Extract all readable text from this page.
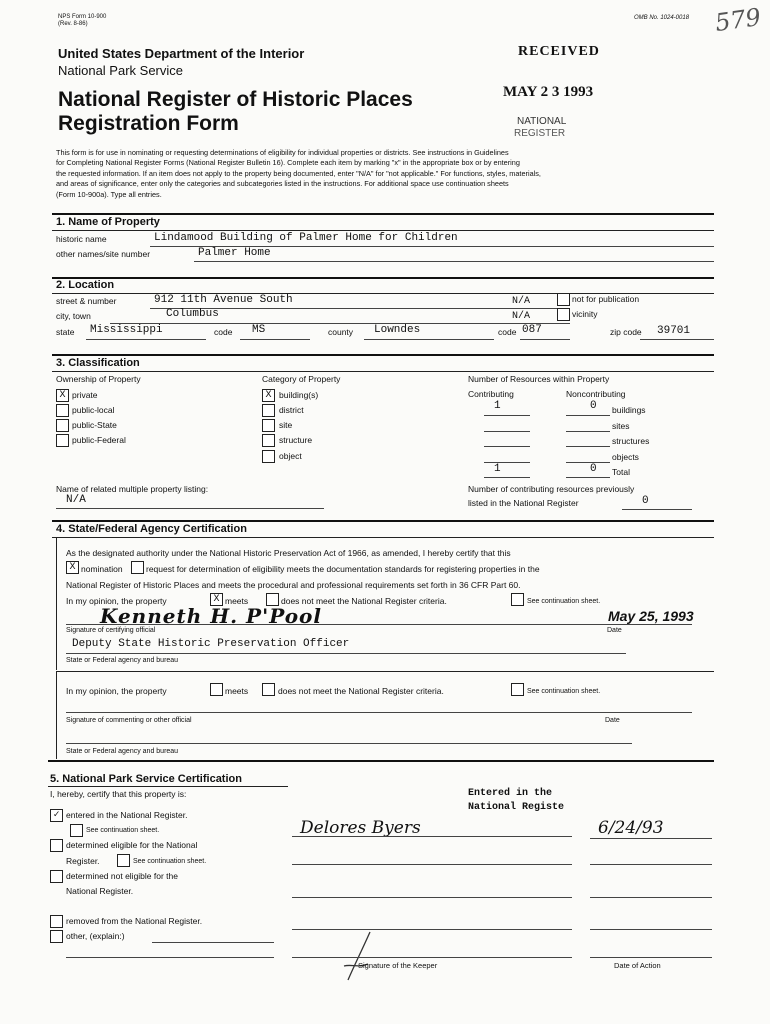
NPS Form 10-900
(Rev. 8-86)
OMB No. 1024-0018 579
United States Department of the Interior
National Park Service
National Register of Historic Places
Registration Form
RECEIVED
MAY 2 3 1993
NATIONAL
REGISTER
This form is for use in nominating or requesting determinations of eligibility for individual properties or districts. See instructions in Guidelines
for Completing National Register Forms (National Register Bulletin 16). Complete each item by marking "x" in the appropriate box or by entering
the requested information. If an item does not apply to the property being documented, enter "N/A" for "not applicable." For functions, styles, materials,
and areas of significance, enter only the categories and subcategories listed in the instructions. For additional space use continuation sheets
(Form 10-900a). Type all entries.
1. Name of Property
historic name	Lindamood Building of Palmer Home for Children
other names/site number	Palmer Home
2. Location
street & number	912 11th Avenue South	N/A	not for publication
city, town	Columbus	N/A	vicinity
state Mississippi	code MS	county Lowndes	code 087	zip code 39701
3. Classification
Ownership of Property
X private
public-local
public-State
public-Federal
Category of Property
X building(s)
district
site
structure
object
Number of Resources within Property
Contributing	Noncontributing
1	0 buildings
sites
structures
objects
1	0 Total
Name of related multiple property listing:
N/A
Number of contributing resources previously
listed in the National Register	0
4. State/Federal Agency Certification
As the designated authority under the National Historic Preservation Act of 1966, as amended, I hereby certify that this
X nomination	request for determination of eligibility meets the documentation standards for registering properties in the
National Register of Historic Places and meets the procedural and professional requirements set forth in 36 CFR Part 60.
In my opinion, the property	X meets	does not meet the National Register criteria.	See continuation sheet.
Kenneth H. P'Pool	May 25, 1993
Signature of certifying official	Date
Deputy State Historic Preservation Officer
State or Federal agency and bureau
In my opinion, the property	meets	does not meet the National Register criteria.	See continuation sheet.
Signature of commenting or other official	Date
State or Federal agency and bureau
5. National Park Service Certification
I, hereby, certify that this property is:
✓ entered in the National Register.
See continuation sheet.
determined eligible for the National
Register.	See continuation sheet.
determined not eligible for the
National Register.
removed from the National Register.
other, (explain:)
Entered in the
National Registe
Delores Byers	6/24/93
Signature of the Keeper	Date of Action
